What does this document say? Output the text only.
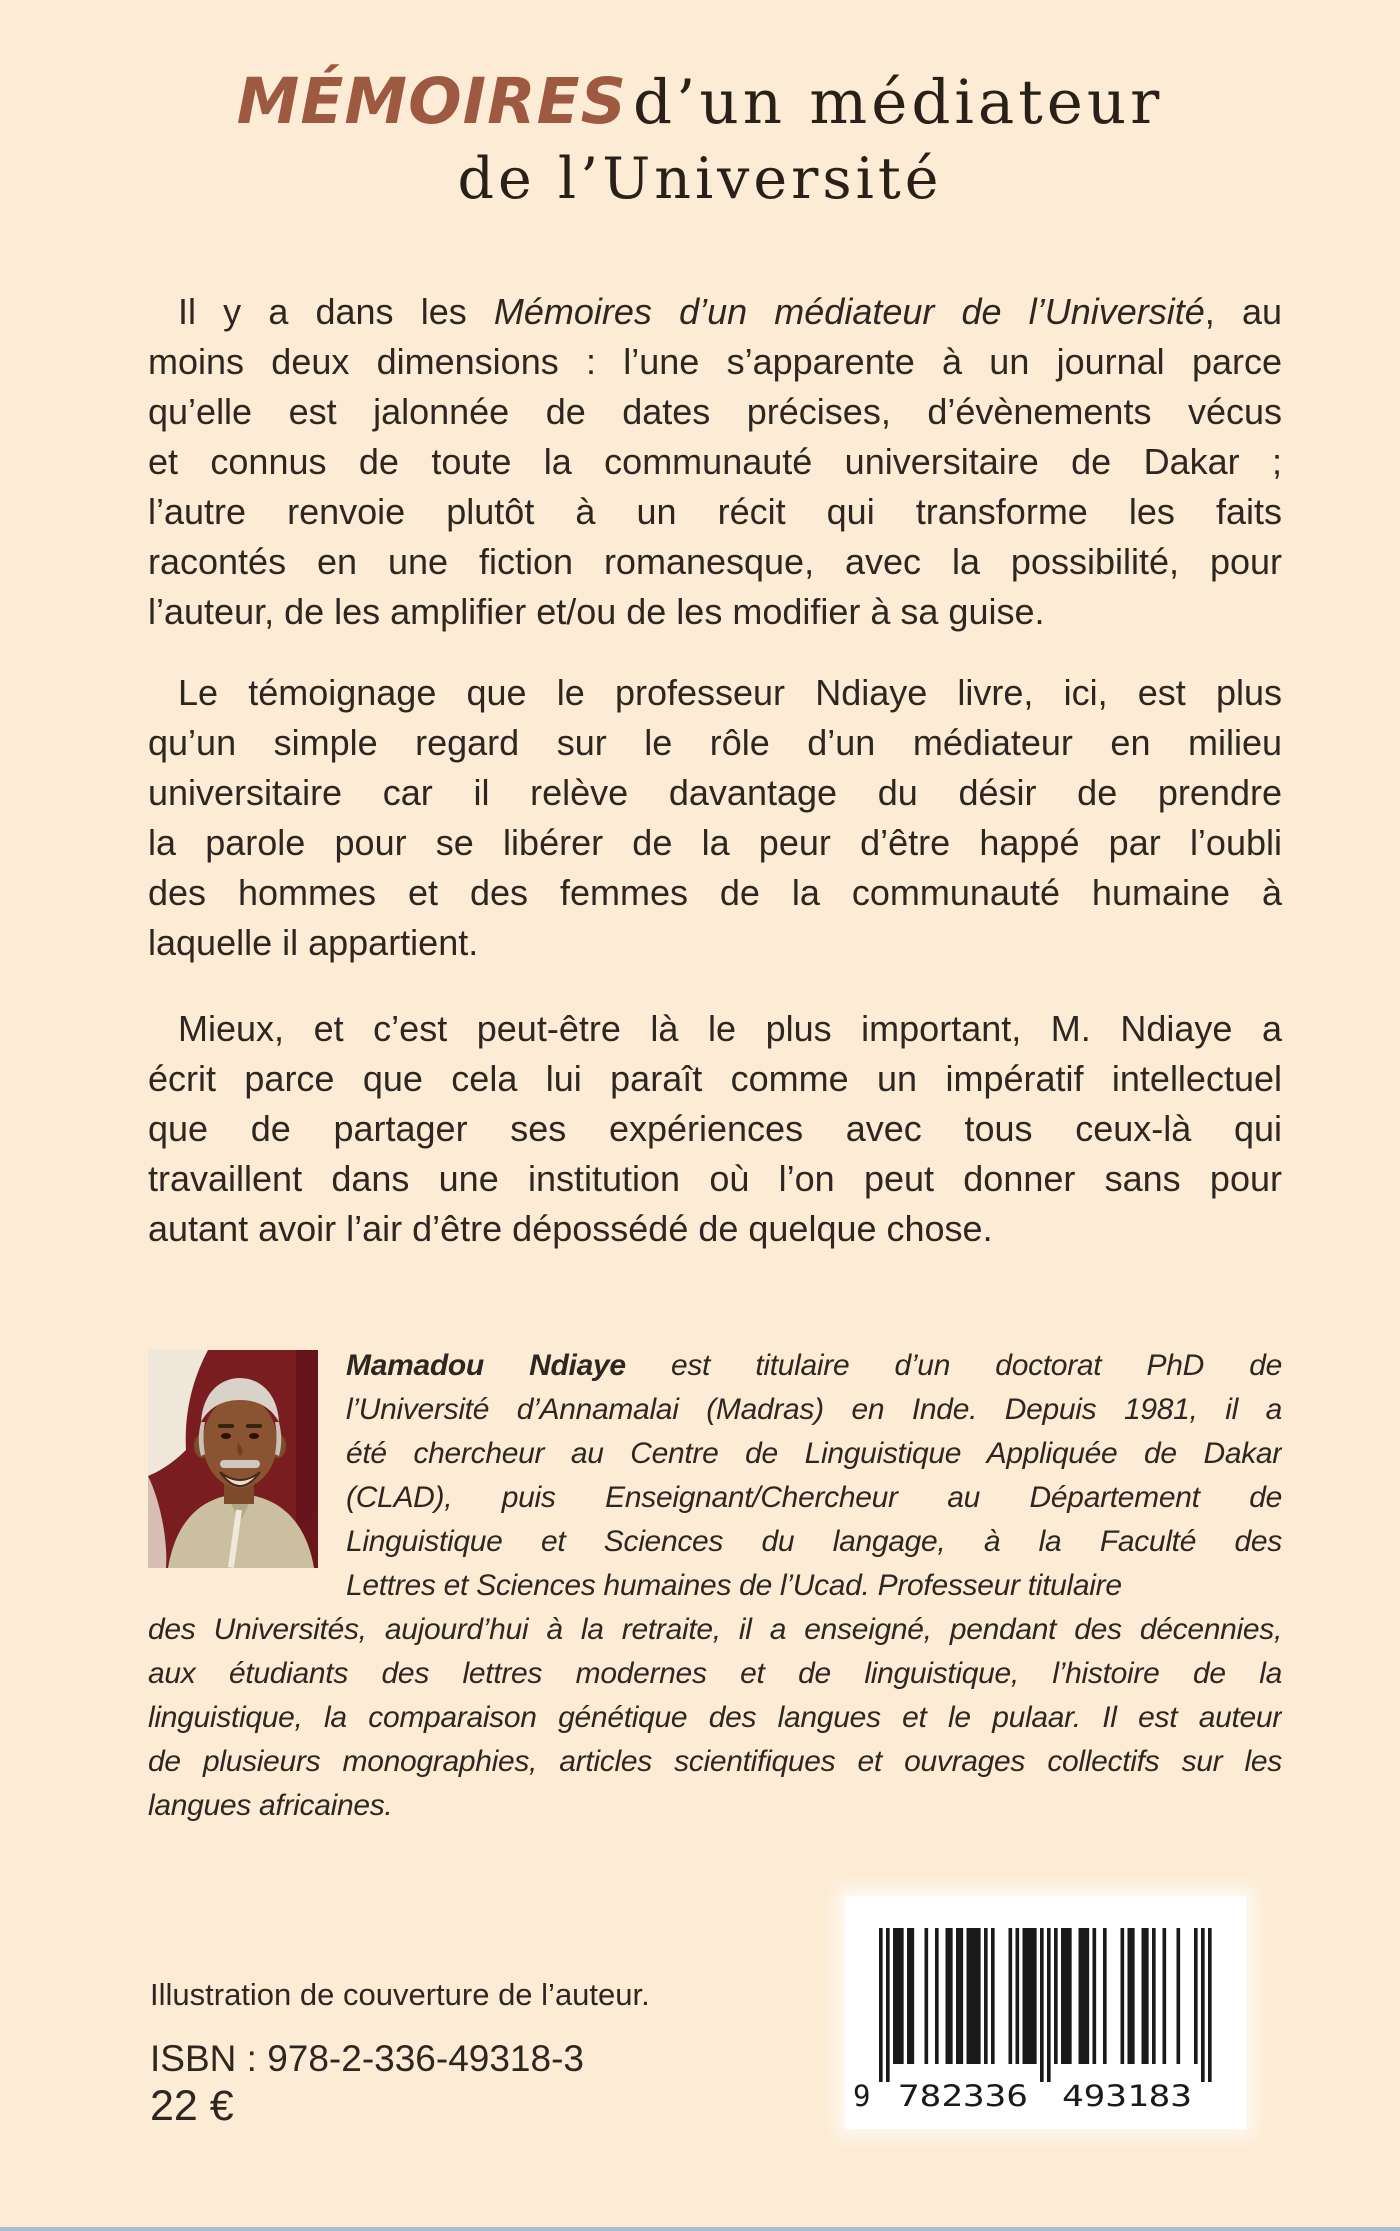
MÉMOIRESd’un médiateur
de l’Université
Il y a dans les Mémoires d’un médiateur de l’Université, au
moins deux dimensions : l’une s’apparente à un journal parce
qu’elle est jalonnée de dates précises, d’évènements vécus
et connus de toute la communauté universitaire de Dakar ;
l’autre renvoie plutôt à un récit qui transforme les faits
racontés en une fiction romanesque, avec la possibilité, pour
l’auteur, de les amplifier et/ou de les modifier à sa guise.
Le témoignage que le professeur Ndiaye livre, ici, est plus
qu’un simple regard sur le rôle d’un médiateur en milieu
universitaire car il relève davantage du désir de prendre
la parole pour se libérer de la peur d’être happé par l’oubli
des hommes et des femmes de la communauté humaine à
laquelle il appartient.
Mieux, et c’est peut-être là le plus important, M. Ndiaye a
écrit parce que cela lui paraît comme un impératif intellectuel
que de partager ses expériences avec tous ceux-là qui
travaillent dans une institution où l’on peut donner sans pour
autant avoir l’air d’être dépossédé de quelque chose.
Mamadou Ndiaye est titulaire d’un doctorat PhD de
l’Université d’Annamalai (Madras) en Inde. Depuis 1981, il a
été chercheur au Centre de Linguistique Appliquée de Dakar
(CLAD), puis Enseignant/Chercheur au Département de
Linguistique et Sciences du langage, à la Faculté des
Lettres et Sciences humaines de l’Ucad. Professeur titulaire
des Universités, aujourd’hui à la retraite, il a enseigné, pendant des décennies,
aux étudiants des lettres modernes et de linguistique, l’histoire de la
linguistique, la comparaison génétique des langues et le pulaar. Il est auteur
de plusieurs monographies, articles scientifiques et ouvrages collectifs sur les
langues africaines.
Illustration de couverture de l’auteur.
ISBN : 978-2-336-49318-3
22 €	9 782336 493183
